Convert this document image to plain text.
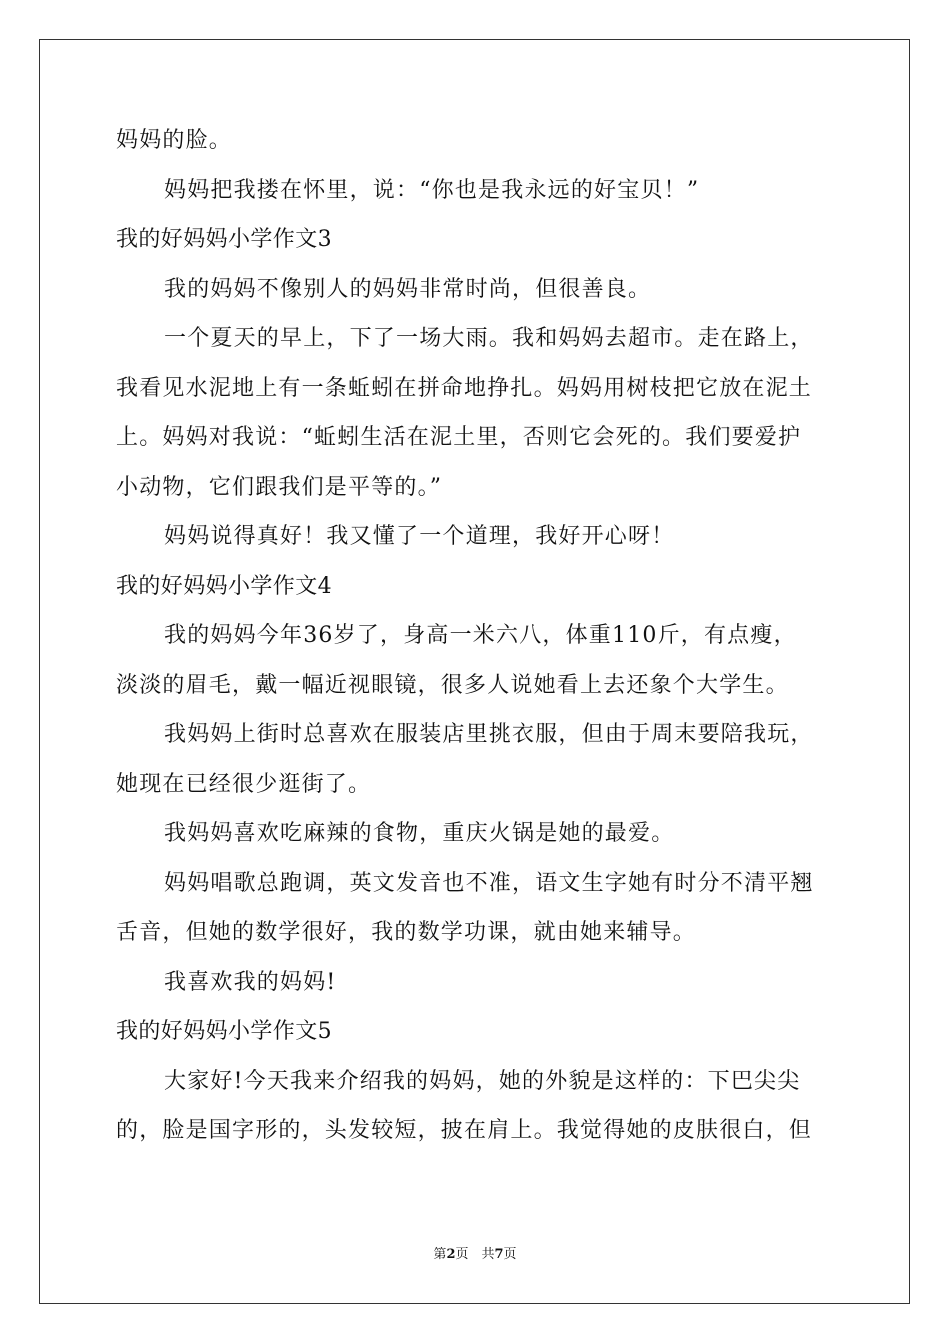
妈妈的脸。
妈妈把我搂在怀里，说：“你也是我永远的好宝贝！”
我的好妈妈小学作文3
我的妈妈不像别人的妈妈非常时尚，但很善良。
一个夏天的早上，下了一场大雨。我和妈妈去超市。走在路上，
我看见水泥地上有一条蚯蚓在拼命地挣扎。妈妈用树枝把它放在泥土
上。妈妈对我说：“蚯蚓生活在泥土里，否则它会死的。我们要爱护
小动物，它们跟我们是平等的。”
妈妈说得真好！我又懂了一个道理，我好开心呀！
我的好妈妈小学作文4
我的妈妈今年36岁了，身高一米六八，体重110斤，有点瘦，
淡淡的眉毛，戴一幅近视眼镜，很多人说她看上去还象个大学生。
我妈妈上街时总喜欢在服装店里挑衣服，但由于周末要陪我玩，
她现在已经很少逛街了。
我妈妈喜欢吃麻辣的食物，重庆火锅是她的最爱。
妈妈唱歌总跑调，英文发音也不准，语文生字她有时分不清平翘
舌音，但她的数学很好，我的数学功课，就由她来辅导。
我喜欢我的妈妈!
我的好妈妈小学作文5
大家好!今天我来介绍我的妈妈，她的外貌是这样的：下巴尖尖
的，脸是国字形的，头发较短，披在肩上。我觉得她的皮肤很白，但
第2页　共7页
